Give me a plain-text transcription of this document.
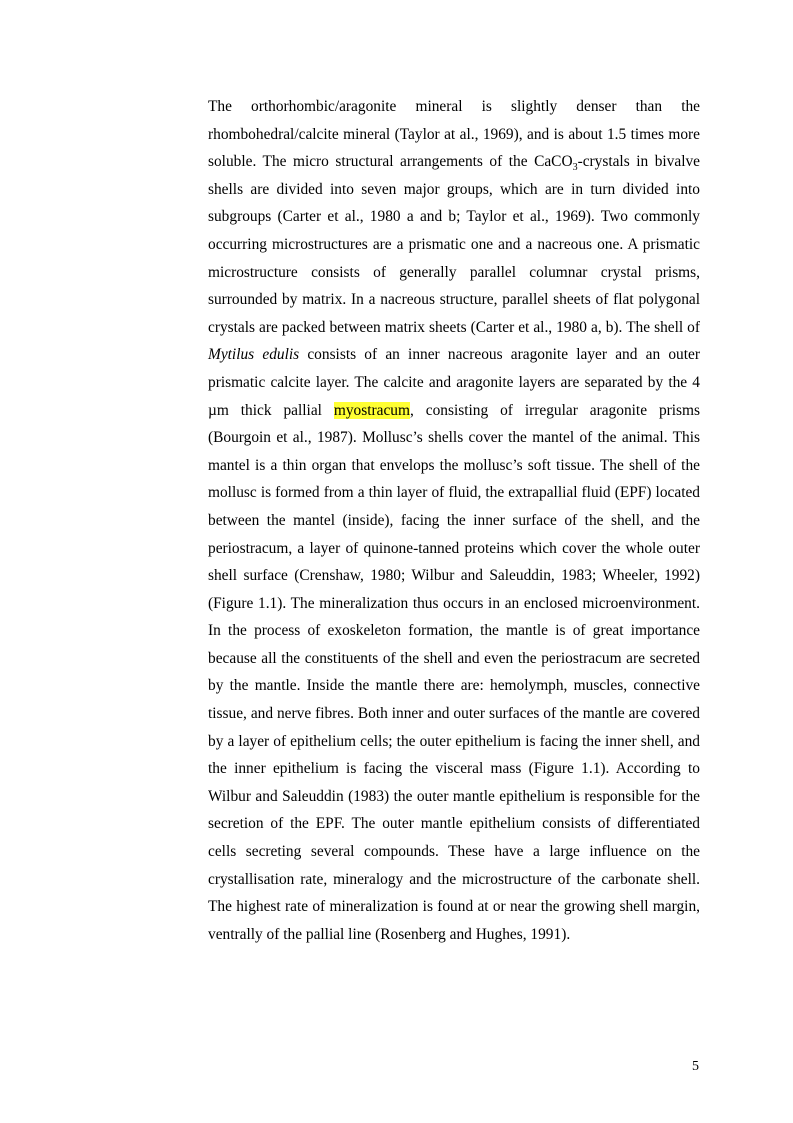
The orthorhombic/aragonite mineral is slightly denser than the rhombohedral/calcite mineral (Taylor at al., 1969), and is about 1.5 times more soluble. The micro structural arrangements of the CaCO$_3$-crystals in bivalve shells are divided into seven major groups, which are in turn divided into subgroups (Carter et al., 1980 a and b; Taylor et al., 1969). Two commonly occurring microstructures are a prismatic one and a nacreous one. A prismatic microstructure consists of generally parallel columnar crystal prisms, surrounded by matrix. In a nacreous structure, parallel sheets of flat polygonal crystals are packed between matrix sheets (Carter et al., 1980 a, b). The shell of Mytilus edulis consists of an inner nacreous aragonite layer and an outer prismatic calcite layer. The calcite and aragonite layers are separated by the 4 µm thick pallial myostracum, consisting of irregular aragonite prisms (Bourgoin et al., 1987). Mollusc’s shells cover the mantel of the animal. This mantel is a thin organ that envelops the mollusc’s soft tissue. The shell of the mollusc is formed from a thin layer of fluid, the extrapallial fluid (EPF) located between the mantel (inside), facing the inner surface of the shell, and the periostracum, a layer of quinone-tanned proteins which cover the whole outer shell surface (Crenshaw, 1980; Wilbur and Saleuddin, 1983; Wheeler, 1992) (Figure 1.1). The mineralization thus occurs in an enclosed microenvironment. In the process of exoskeleton formation, the mantle is of great importance because all the constituents of the shell and even the periostracum are secreted by the mantle. Inside the mantle there are: hemolymph, muscles, connective tissue, and nerve fibres. Both inner and outer surfaces of the mantle are covered by a layer of epithelium cells; the outer epithelium is facing the inner shell, and the inner epithelium is facing the visceral mass (Figure 1.1). According to Wilbur and Saleuddin (1983) the outer mantle epithelium is responsible for the secretion of the EPF. The outer mantle epithelium consists of differentiated cells secreting several compounds. These have a large influence on the crystallisation rate, mineralogy and the microstructure of the carbonate shell. The highest rate of mineralization is found at or near the growing shell margin, ventrally of the pallial line (Rosenberg and Hughes, 1991).

5
